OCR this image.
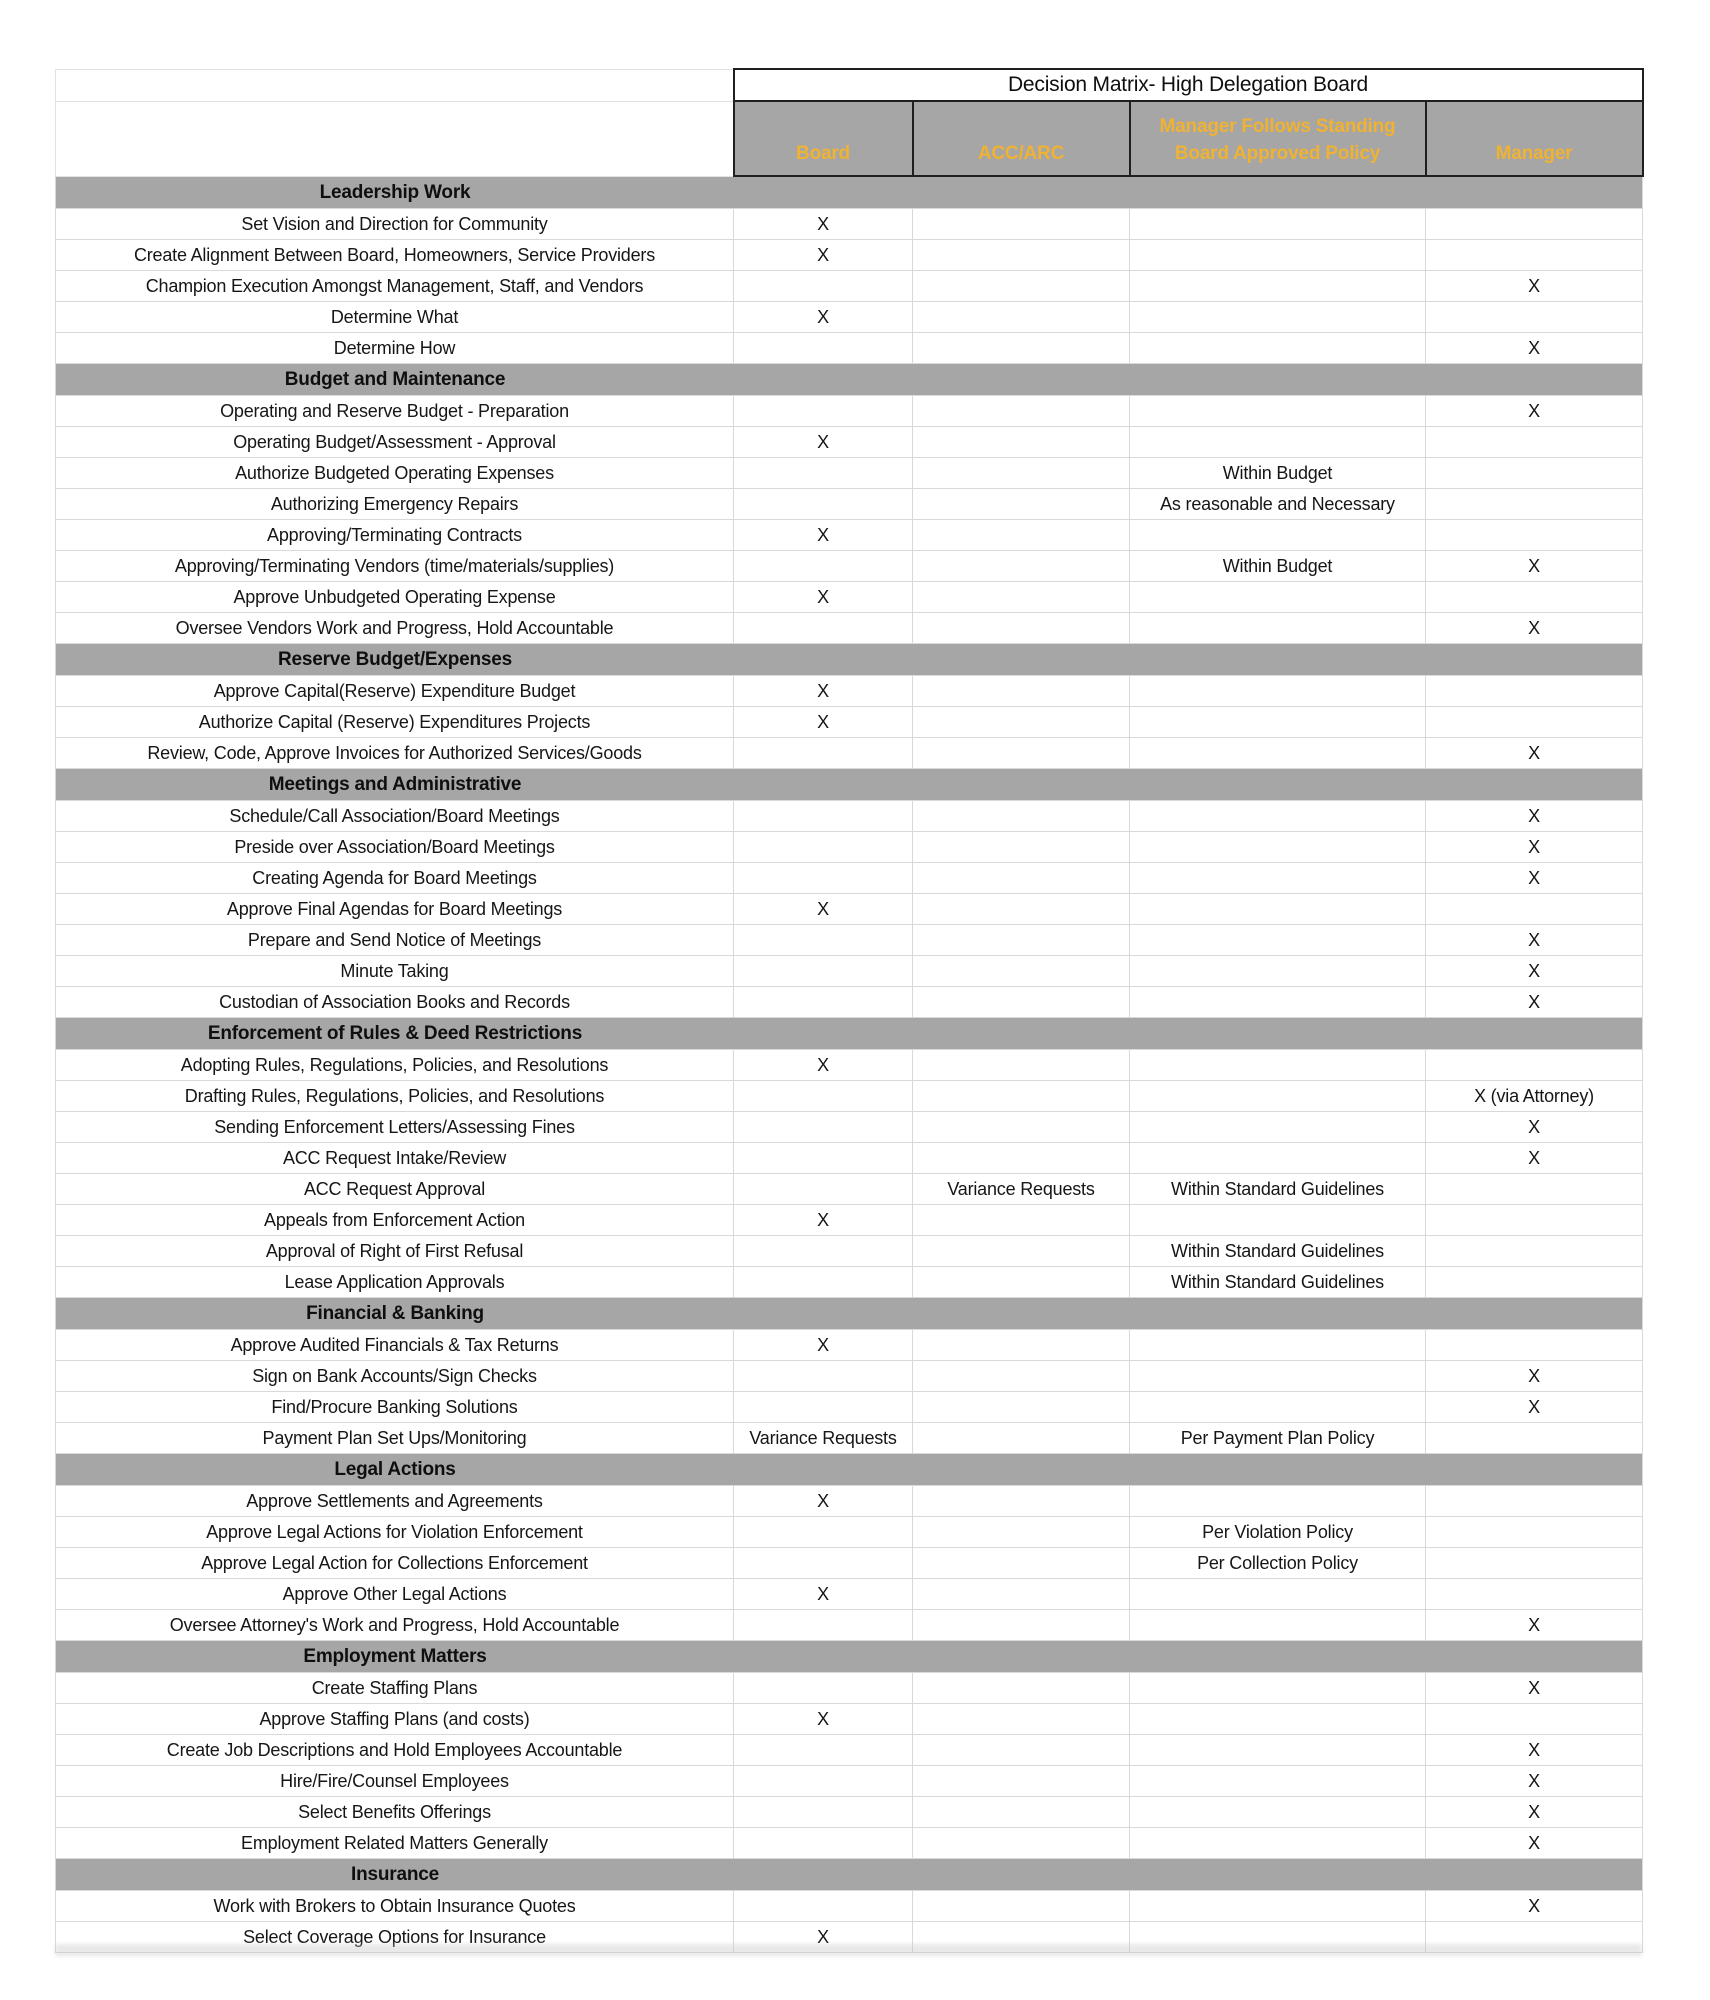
	Decision Matrix- High Delegation Board			
	Board	ACC/ARC	Manager Follows Standing Board Approved Policy	Manager

Leadership Work				

Set Vision and Direction for Community	X			
Create Alignment Between Board, Homeowners, Service Providers	X			
Champion Execution Amongst Management, Staff, and Vendors				X
Determine What	X			
Determine How				X

Budget and Maintenance				

Operating and Reserve Budget - Preparation				X
Operating Budget/Assessment - Approval	X			
Authorize Budgeted Operating Expenses			Within Budget	
Authorizing Emergency Repairs			As reasonable and Necessary	
Approving/Terminating Contracts	X			
Approving/Terminating Vendors (time/materials/supplies)			Within Budget	X
Approve Unbudgeted Operating Expense	X			
Oversee Vendors Work and Progress, Hold Accountable				X

Reserve Budget/Expenses				

Approve Capital(Reserve) Expenditure Budget	X			
Authorize Capital (Reserve) Expenditures Projects	X			
Review, Code, Approve Invoices for Authorized Services/Goods				X

Meetings and Administrative				

Schedule/Call Association/Board Meetings				X
Preside over Association/Board Meetings				X
Creating Agenda for Board Meetings				X
Approve Final Agendas for Board Meetings	X			
Prepare and Send Notice of Meetings				X
Minute Taking				X
Custodian of Association Books and Records				X

Enforcement of Rules & Deed Restrictions				

Adopting Rules, Regulations, Policies, and Resolutions	X			
Drafting Rules, Regulations, Policies, and Resolutions				X (via Attorney)
Sending Enforcement Letters/Assessing Fines				X
ACC Request Intake/Review				X
ACC Request Approval		Variance Requests	Within Standard Guidelines	
Appeals from Enforcement Action	X			
Approval of Right of First Refusal			Within Standard Guidelines	
Lease Application Approvals			Within Standard Guidelines	

Financial & Banking				

Approve Audited Financials & Tax Returns	X			
Sign on Bank Accounts/Sign Checks				X
Find/Procure Banking Solutions				X
Payment Plan Set Ups/Monitoring	Variance Requests		Per Payment Plan Policy	

Legal Actions				

Approve Settlements and Agreements	X			
Approve Legal Actions for Violation Enforcement			Per Violation Policy	
Approve Legal Action for Collections Enforcement			Per Collection Policy	
Approve Other Legal Actions	X			
Oversee Attorney's Work and Progress, Hold Accountable				X

Employment Matters				

Create Staffing Plans				X
Approve Staffing Plans (and costs)	X			
Create Job Descriptions and Hold Employees Accountable				X
Hire/Fire/Counsel Employees				X
Select Benefits Offerings				X
Employment Related Matters Generally				X

Insurance				

Work with Brokers to Obtain Insurance Quotes				X
Select Coverage Options for Insurance	X			
